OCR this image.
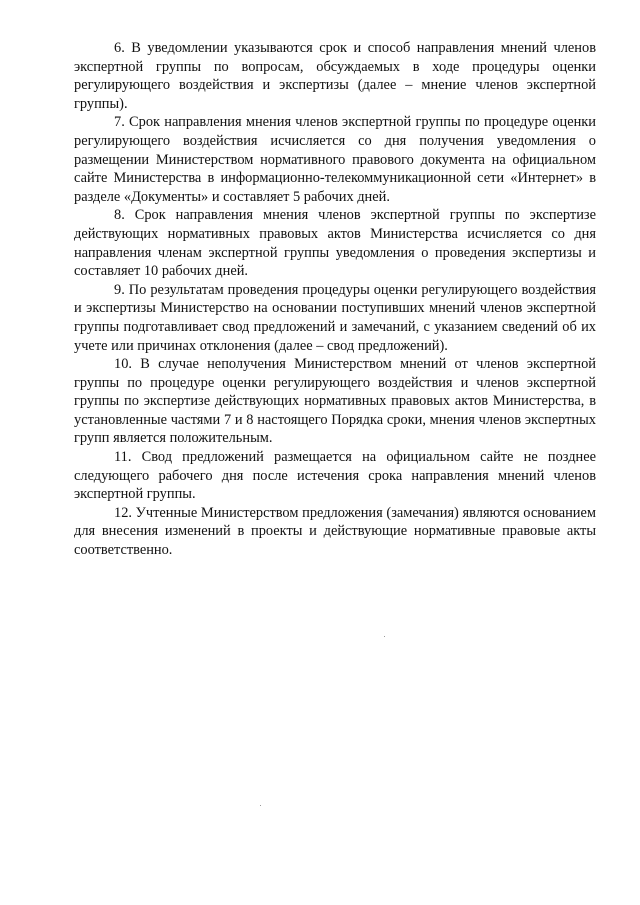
6. В уведомлении указываются срок и способ направления мнений членов экспертной группы по вопросам, обсуждаемых в ходе процедуры оценки регулирующего воздействия и экспертизы (далее – мнение членов экспертной группы).

7. Срок направления мнения членов экспертной группы по процедуре оценки регулирующего воздействия исчисляется со дня получения уведомления о размещении Министерством нормативного правового документа на официальном сайте Министерства в информационно-телекоммуникационной сети «Интернет» в разделе «Документы» и составляет 5 рабочих дней.

8. Срок направления мнения членов экспертной группы по экспертизе действующих нормативных правовых актов Министерства исчисляется со дня направления членам экспертной группы уведомления о проведения экспертизы и составляет 10 рабочих дней.

9. По результатам проведения процедуры оценки регулирующего воздействия и экспертизы Министерство на основании поступивших мнений членов экспертной группы подготавливает свод предложений и замечаний, с указанием сведений об их учете или причинах отклонения (далее – свод предложений).

10. В случае неполучения Министерством мнений от членов экспертной группы по процедуре оценки регулирующего воздействия и членов экспертной группы по экспертизе действующих нормативных правовых актов Министерства, в установленные частями 7 и 8 настоящего Порядка сроки, мнения членов экспертных групп является положительным.

11. Свод предложений размещается на официальном сайте не позднее следующего рабочего дня после истечения срока направления мнений членов экспертной группы.

12. Учтенные Министерством предложения (замечания) являются основанием для внесения изменений в проекты и действующие нормативные правовые акты соответственно.
